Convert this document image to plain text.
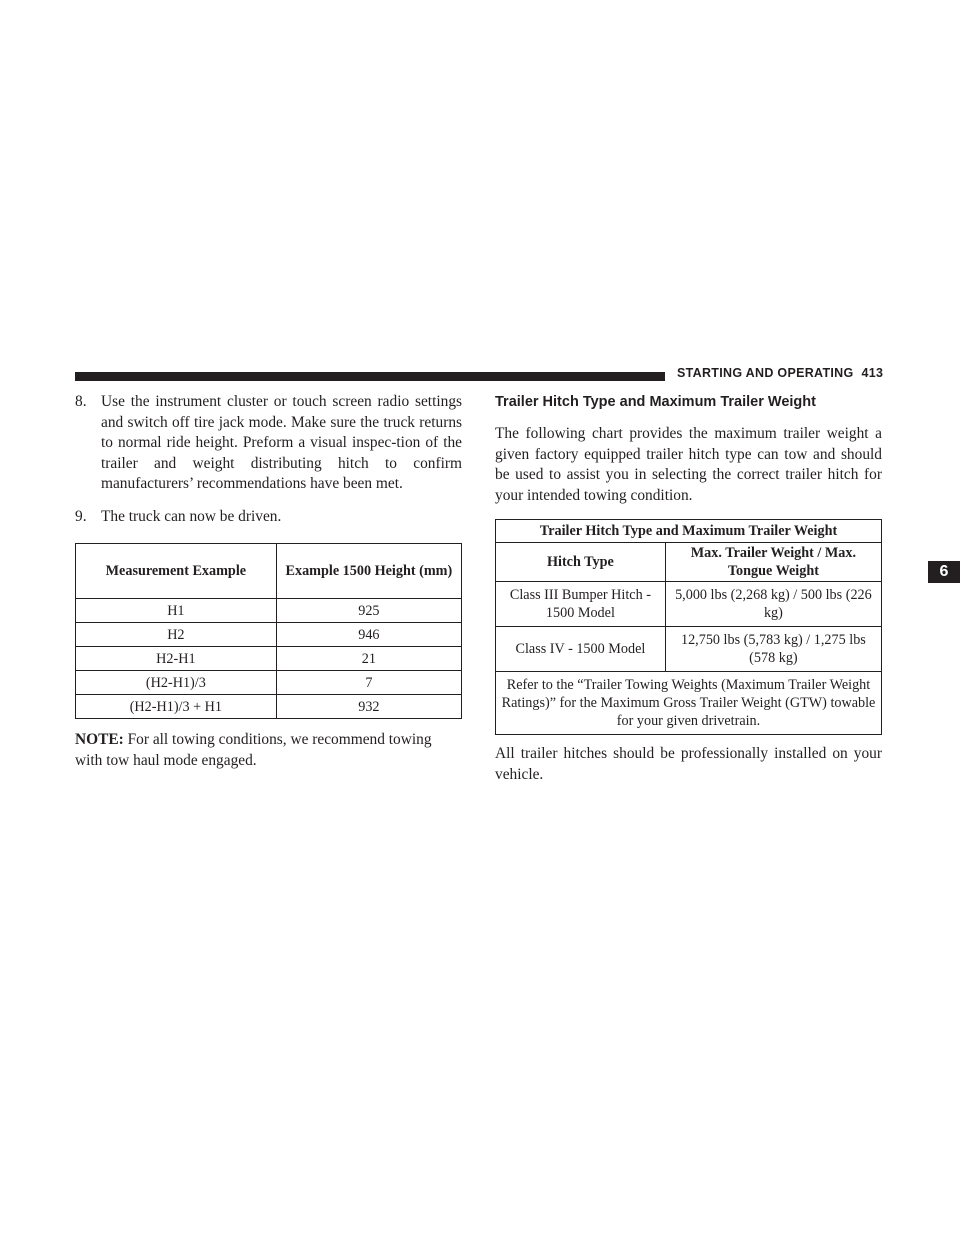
STARTING AND OPERATING 413
6

8. Use the instrument cluster or touch screen radio settings and switch off tire jack mode. Make sure the truck returns to normal ride height. Preform a visual inspec-tion of the trailer and weight distributing hitch to confirm manufacturers’ recommendations have been met.

9. The truck can now be driven.

Measurement Example	Example 1500 Height (mm)
H1	925
H2	946
H2-H1	21
(H2-H1)/3	7
(H2-H1)/3 + H1	932

NOTE: For all towing conditions, we recommend towing with tow haul mode engaged.

Trailer Hitch Type and Maximum Trailer Weight

The following chart provides the maximum trailer weight a given factory equipped trailer hitch type can tow and should be used to assist you in selecting the correct trailer hitch for your intended towing condition.

Trailer Hitch Type and Maximum Trailer Weight	
Hitch Type	Max. Trailer Weight / Max. Tongue Weight
Class III Bumper Hitch - 1500 Model	5,000 lbs (2,268 kg) / 500 lbs (226 kg)
Class IV - 1500 Model	12,750 lbs (5,783 kg) / 1,275 lbs (578 kg)
Refer to the “Trailer Towing Weights (Maximum Trailer Weight Ratings)” for the Maximum Gross Trailer Weight (GTW) towable for your given drivetrain.	

All trailer hitches should be professionally installed on your vehicle.
